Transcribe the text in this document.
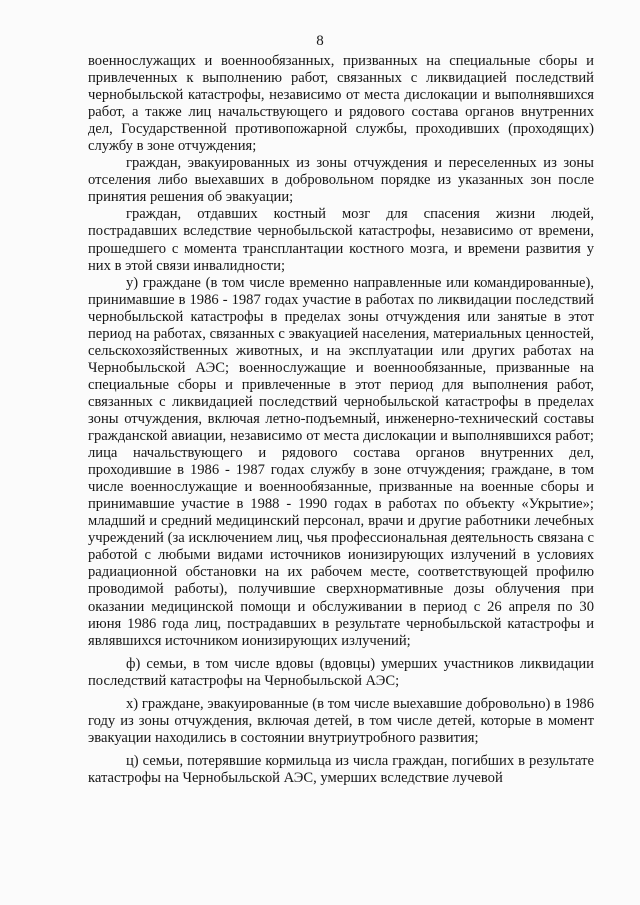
8

военнослужащих и военнообязанных, призванных на специальные сборы и привлеченных к выполнению работ, связанных с ликвидацией последствий чернобыльской катастрофы, независимо от места дислокации и выполнявшихся работ, а также лиц начальствующего и рядового состава органов внутренних дел, Государственной противопожарной службы, проходивших (проходящих) службу в зоне отчуждения;

граждан, эвакуированных из зоны отчуждения и переселенных из зоны отселения либо выехавших в добровольном порядке из указанных зон после принятия решения об эвакуации;

граждан, отдавших костный мозг для спасения жизни людей, пострадавших вследствие чернобыльской катастрофы, независимо от времени, прошедшего с момента трансплантации костного мозга, и времени развития у них в этой связи инвалидности;

у) граждане (в том числе временно направленные или командированные), принимавшие в 1986 - 1987 годах участие в работах по ликвидации последствий чернобыльской катастрофы в пределах зоны отчуждения или занятые в этот период на работах, связанных с эвакуацией населения, материальных ценностей, сельскохозяйственных животных, и на эксплуатации или других работах на Чернобыльской АЭС; военнослужащие и военнообязанные, призванные на специальные сборы и привлеченные в этот период для выполнения работ, связанных с ликвидацией последствий чернобыльской катастрофы в пределах зоны отчуждения, включая летно-подъемный, инженерно-технический составы гражданской авиации, независимо от места дислокации и выполнявшихся работ; лица начальствующего и рядового состава органов внутренних дел, проходившие в 1986 - 1987 годах службу в зоне отчуждения; граждане, в том числе военнослужащие и военнообязанные, призванные на военные сборы и принимавшие участие в 1988 - 1990 годах в работах по объекту «Укрытие»; младший и средний медицинский персонал, врачи и другие работники лечебных учреждений (за исключением лиц, чья профессиональная деятельность связана с работой с любыми видами источников ионизирующих излучений в условиях радиационной обстановки на их рабочем месте, соответствующей профилю проводимой работы), получившие сверхнормативные дозы облучения при оказании медицинской помощи и обслуживании в период с 26 апреля по 30 июня 1986 года лиц, пострадавших в результате чернобыльской катастрофы и являвшихся источником ионизирующих излучений;

ф) семьи, в том числе вдовы (вдовцы) умерших участников ликвидации последствий катастрофы на Чернобыльской АЭС;

х) граждане, эвакуированные (в том числе выехавшие добровольно) в 1986 году из зоны отчуждения, включая детей, в том числе детей, которые в момент эвакуации находились в состоянии внутриутробного развития;

ц) семьи, потерявшие кормильца из числа граждан, погибших в результате катастрофы на Чернобыльской АЭС, умерших вследствие лучевой
